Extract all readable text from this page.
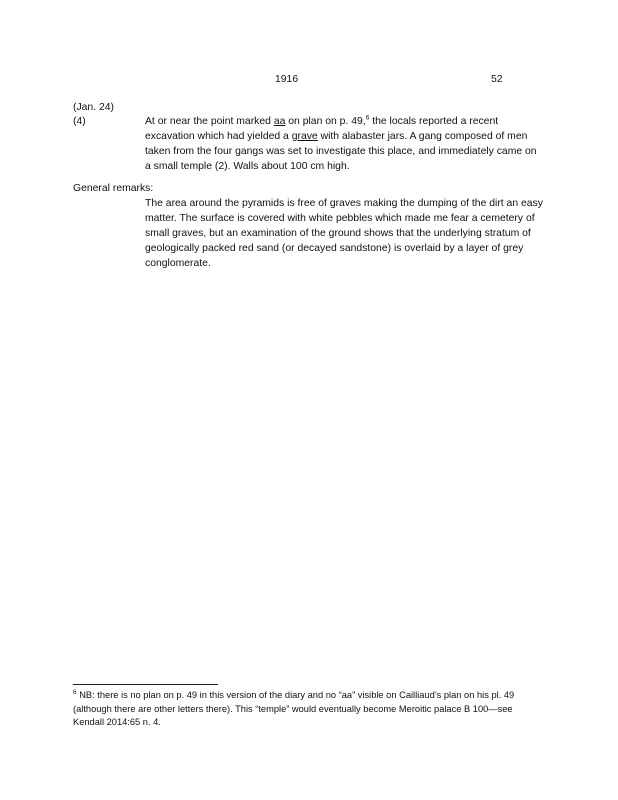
1916	52
(Jan. 24)
(4)	At or near the point marked aa on plan on p. 49,$^6$ the locals reported a recent excavation which had yielded a grave with alabaster jars. A gang composed of men taken from the four gangs was set to investigate this place, and immediately came on a small temple (2). Walls about 100 cm high.
General remarks:
The area around the pyramids is free of graves making the dumping of the dirt an easy matter. The surface is covered with white pebbles which made me fear a cemetery of small graves, but an examination of the ground shows that the underlying stratum of geologically packed red sand (or decayed sandstone) is overlaid by a layer of grey conglomerate.
$^6$ NB: there is no plan on p. 49 in this version of the diary and no “aa” visible on Cailliaud’s plan on his pl. 49 (although there are other letters there). This “temple” would eventually become Meroitic palace B 100—see Kendall 2014:65 n. 4.
